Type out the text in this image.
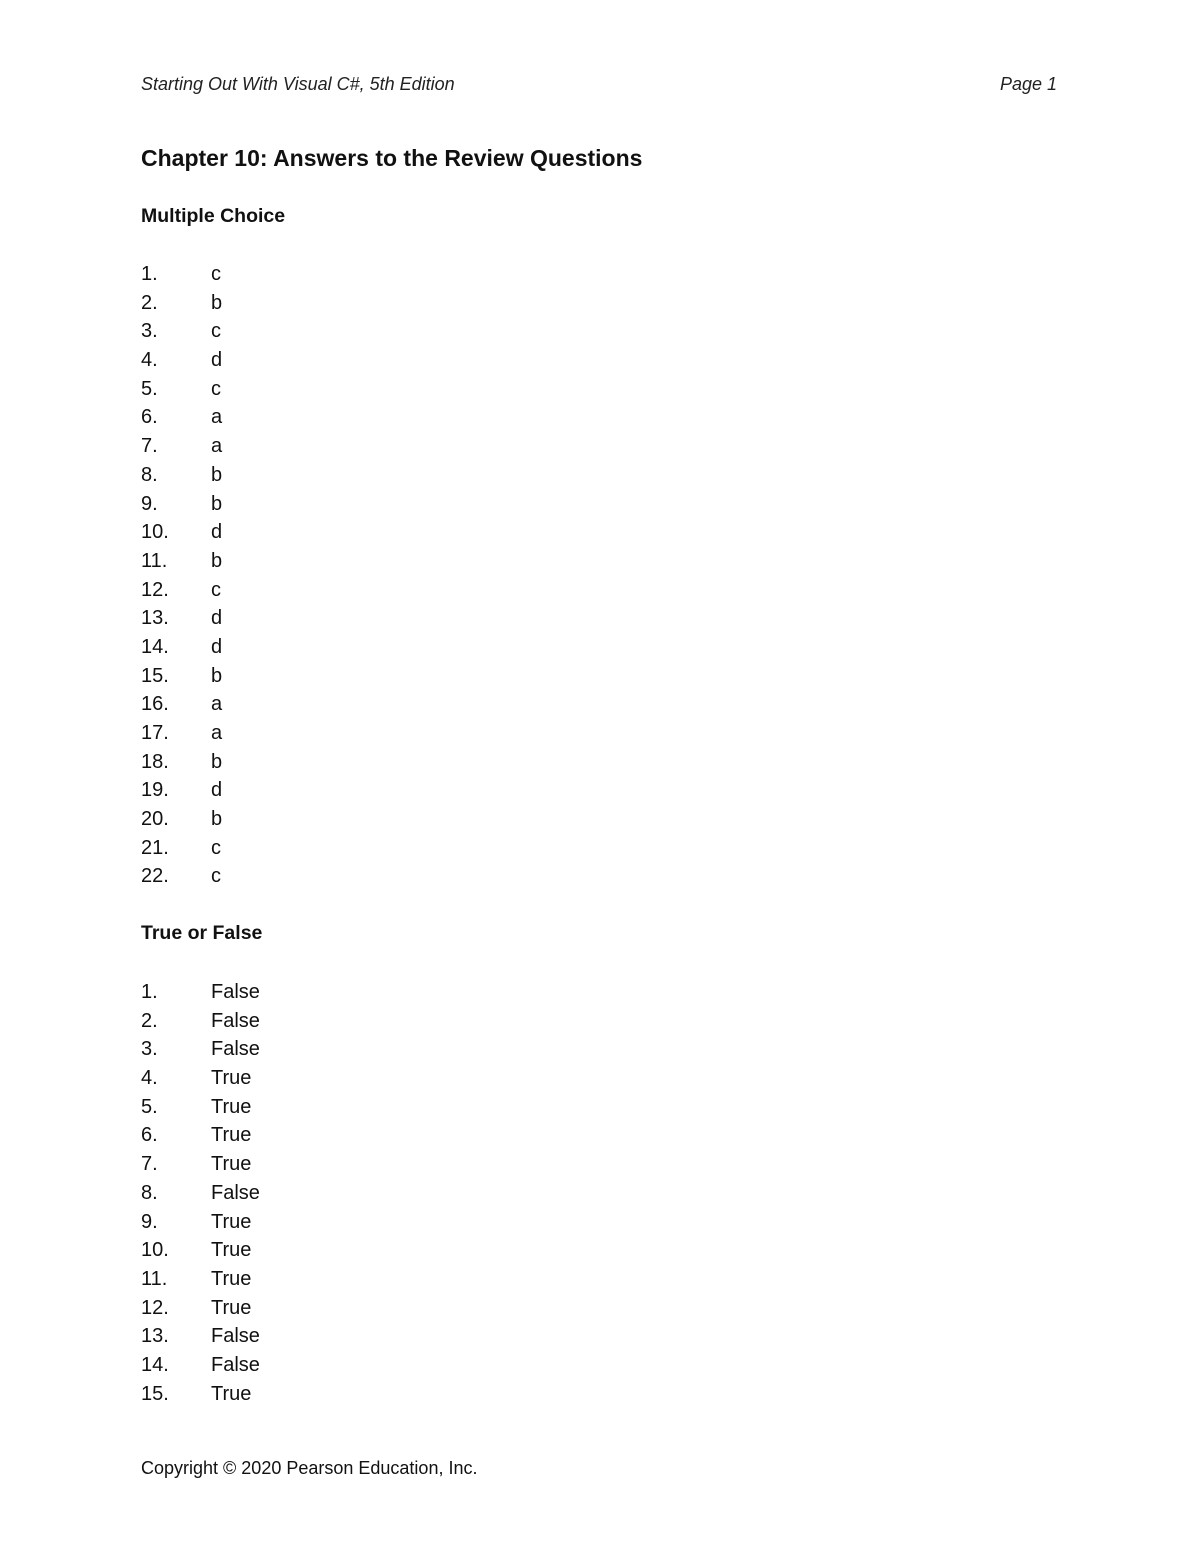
Starting Out With Visual C#, 5th Edition	Page 1
Chapter 10: Answers to the Review Questions
Multiple Choice
1.	c
2.	b
3.	c
4.	d
5.	c
6.	a
7.	a
8.	b
9.	b
10. d
11. b
12. c
13. d
14. d
15. b
16. a
17. a
18. b
19. d
20. b
21. c
22. c
True or False
1.	False
2.	False
3.	False
4.	True
5.	True
6.	True
7.	True
8.	False
9.	True
10. True
11. True
12. True
13. False
14. False
15. True
Copyright © 2020 Pearson Education, Inc.
